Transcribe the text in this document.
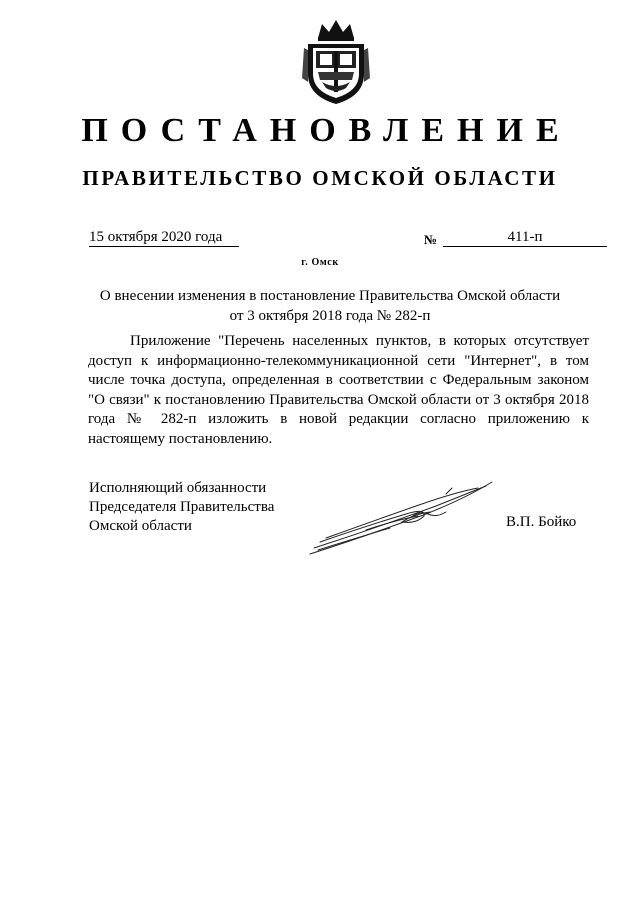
ПОСТАНОВЛЕНИЕ
ПРАВИТЕЛЬСТВО ОМСКОЙ ОБЛАСТИ
15 октября 2020 года	№	411-п
г. Омск
О внесении изменения в постановление Правительства Омской области
от 3 октября 2018 года № 282-п

Приложение "Перечень населенных пунктов, в которых отсутствует доступ к информационно-телекоммуникационной сети "Интернет", в том числе точка доступа, определенная в соответствии с Федеральным законом "О связи" к постановлению Правительства Омской области от 3 октября 2018 года № 282-п изложить в новой редакции согласно приложению к настоящему постановлению.

Исполняющий обязанности
Председателя Правительства
Омской области	В.П. Бойко
